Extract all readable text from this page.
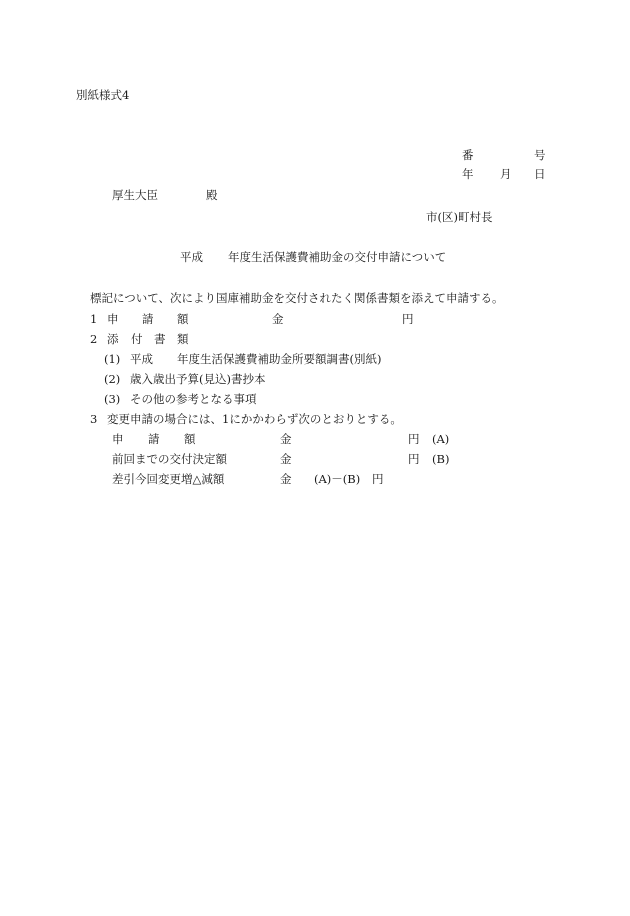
別紙様式4
番	号
年 月 日
厚生大臣	殿
市(区)町村長
平成 年度生活保護費補助金の交付申請について
標記について、次により国庫補助金を交付されたく関係書類を添えて申請する。
1 申 請 額	金	円
2 添 付 書 類
(1) 平成 年度生活保護費補助金所要額調書(別紙)
(2) 歳入歳出予算(見込)書抄本
(3) その他の参考となる事項
3 変更申請の場合には、1にかかわらず次のとおりとする。
申 請 額	金	円 (A)
前回までの交付決定額	金	円 (B)
差引今回変更増△減額	金 (A)－(B) 円
